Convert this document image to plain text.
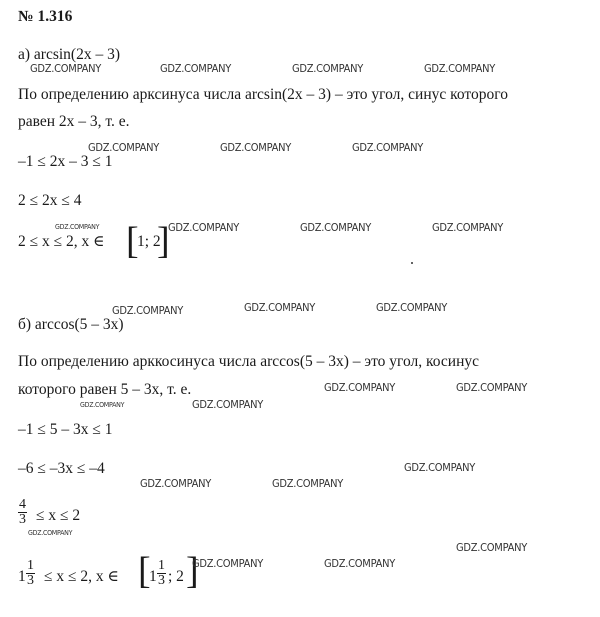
№ 1.316
а) arcsin(2x – 3)
По определению арксинуса числа arcsin(2x – 3) – это угол, синус которого
равен 2x – 3, т. е.
–1 ≤ 2x – 3 ≤ 1
2 ≤ 2x ≤ 4
2 ≤ x ≤ 2, x ∈ [
1; 2
]
б) arccos(5 – 3x)
По определению арккосинуса числа arccos(5 – 3x) – это угол, косинус
которого равен 5 – 3x, т. е.
–1 ≤ 5 – 3x ≤ 1
–6 ≤ –3x ≤ –4
$\frac{4}{3} \le x \le 2$
$1 \frac{1}{3} \le x \le 2$, x ∈ [
$1 \frac{1}{3}$ ; 2 ]
GDZ.COMPANY	GDZ.COMPANY	GDZ.COMPANY	GDZ.COMPANY
GDZ.COMPANY	GDZ.COMPANY	GDZ.COMPANY
GDZ.COMPANY	GDZ.COMPANY	GDZ.COMPANY	GDZ.COMPANY
GDZ.COMPANY	GDZ.COMPANY	GDZ.COMPANY
GDZ.COMPANY	GDZ.COMPANY
GDZ.COMPANY	GDZ.COMPANY
GDZ.COMPANY
GDZ.COMPANY	GDZ.COMPANY
GDZ.COMPANY
GDZ.COMPANY
GDZ.COMPANY	GDZ.COMPANY
